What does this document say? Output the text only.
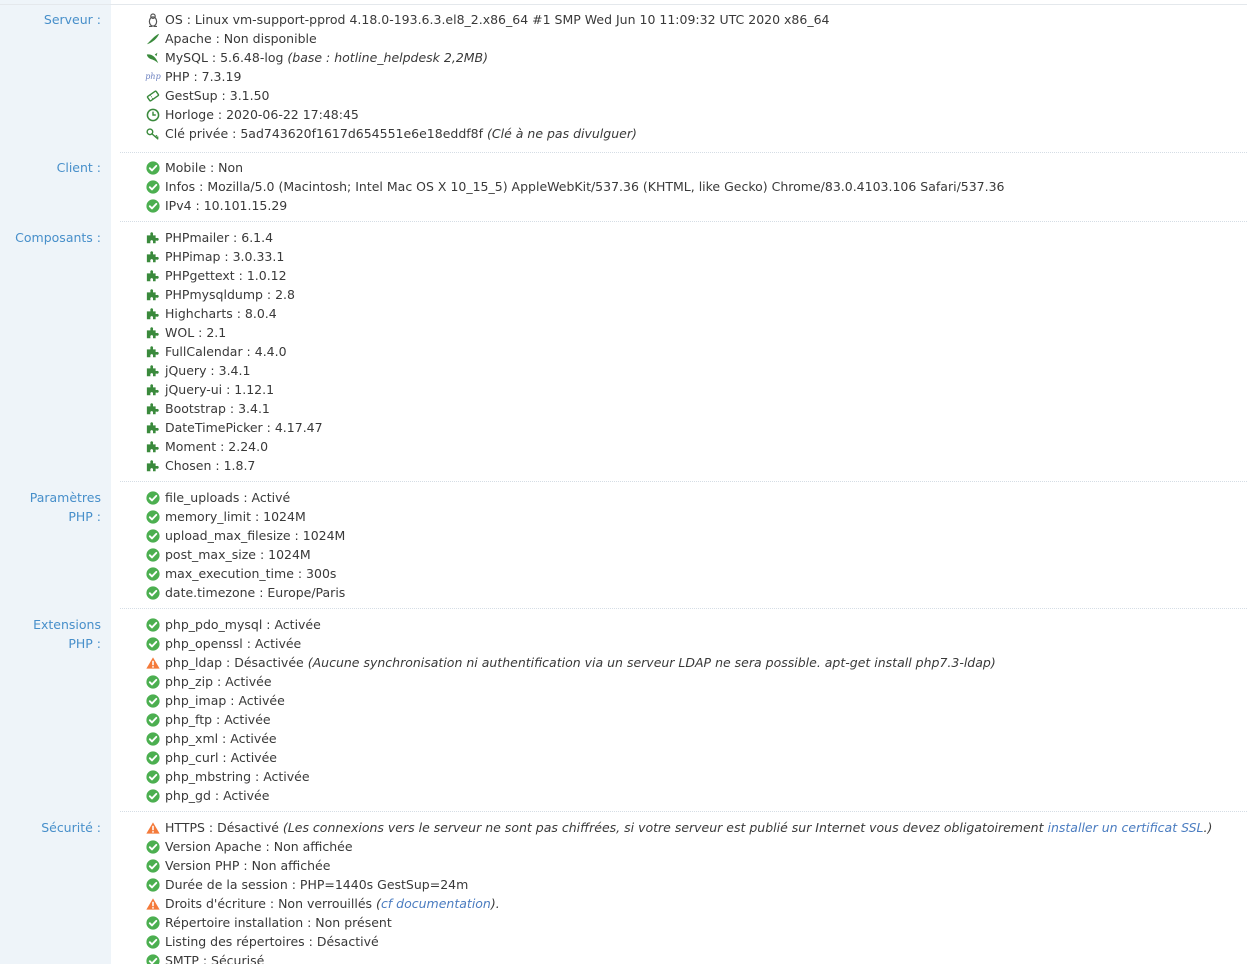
Serveur :	OS : Linux vm-support-pprod 4.18.0-193.6.3.el8_2.x86_64 #1 SMP Wed Jun 10 11:09:32 UTC 2020 x86_64
Apache : Non disponible
MySQL : 5.6.48-log (base : hotline_helpdesk 2,2MB)
php PHP : 7.3.19
GestSup : 3.1.50
Horloge : 2020-06-22 17:48:45
Clé privée : 5ad743620f1617d654551e6e18eddf8f (Clé à ne pas divulguer)
Client :	Mobile : Non
Infos : Mozilla/5.0 (Macintosh; Intel Mac OS X 10_15_5) AppleWebKit/537.36 (KHTML, like Gecko) Chrome/83.0.4103.106 Safari/537.36
IPv4 : 10.101.15.29
Composants :	PHPmailer : 6.1.4
PHPimap : 3.0.33.1
PHPgettext : 1.0.12
PHPmysqldump : 2.8
Highcharts : 8.0.4
WOL : 2.1
FullCalendar : 4.4.0
jQuery : 3.4.1
jQuery-ui : 1.12.1
Bootstrap : 3.4.1
DateTimePicker : 4.17.47
Moment : 2.24.0
Chosen : 1.8.7
Paramètres
PHP :
file_uploads : Activé
memory_limit : 1024M
upload_max_filesize : 1024M
post_max_size : 1024M
max_execution_time : 300s
date.timezone : Europe/Paris
Extensions
PHP :
php_pdo_mysql : Activée
php_openssl : Activée
php_ldap : Désactivée (Aucune synchronisation ni authentification via un serveur LDAP ne sera possible. apt-get install php7.3-ldap)
php_zip : Activée
php_imap : Activée
php_ftp : Activée
php_xml : Activée
php_curl : Activée
php_mbstring : Activée
php_gd : Activée
Sécurité :	HTTPS : Désactivé (Les connexions vers le serveur ne sont pas chiffrées, si votre serveur est publié sur Internet vous devez obligatoirement installer un certificat SSL.)
Version Apache : Non affichée
Version PHP : Non affichée
Durée de la session : PHP=1440s GestSup=24m
Droits d'écriture : Non verrouillés (cf documentation).
Répertoire installation : Non présent
Listing des répertoires : Désactivé
SMTP : Sécurisé
